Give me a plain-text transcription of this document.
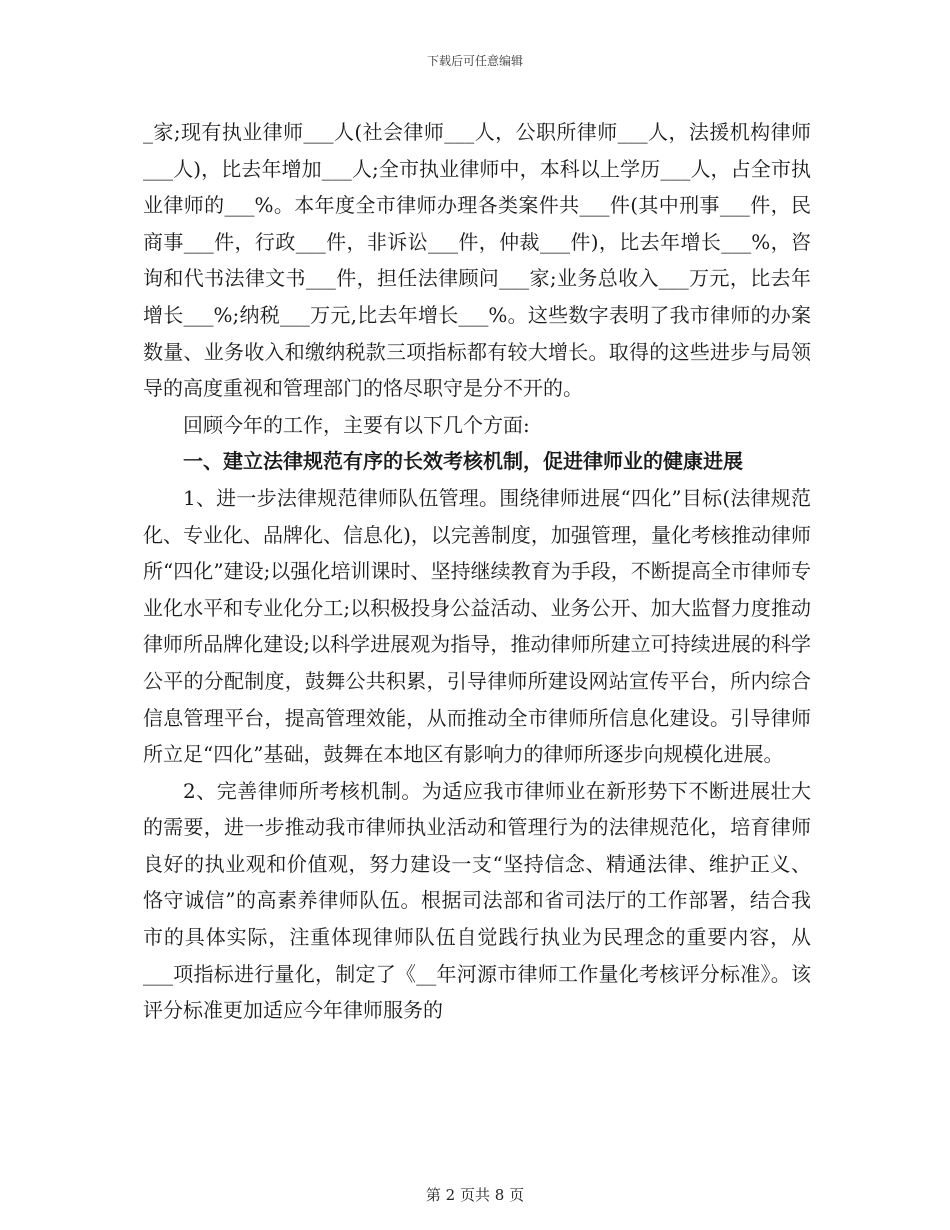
下载后可任意编辑

_家;现有执业律师___人(社会律师___人，公职所律师___人，法援机构律师___人)，比去年增加___人;全市执业律师中，本科以上学历___人，占全市执业律师的___%。本年度全市律师办理各类案件共___件(其中刑事___件，民商事___件，行政___件，非诉讼___件，仲裁___件)，比去年增长___%，咨询和代书法律文书___件，担任法律顾问___家;业务总收入___万元，比去年增长___%;纳税___万元,比去年增长___%。这些数字表明了我市律师的办案数量、业务收入和缴纳税款三项指标都有较大增长。取得的这些进步与局领导的高度重视和管理部门的恪尽职守是分不开的。

回顾今年的工作，主要有以下几个方面:

一、建立法律规范有序的长效考核机制，促进律师业的健康进展

1、进一步法律规范律师队伍管理。围绕律师进展“四化”目标(法律规范化、专业化、品牌化、信息化)，以完善制度，加强管理，量化考核推动律师所“四化”建设;以强化培训课时、坚持继续教育为手段，不断提高全市律师专业化水平和专业化分工;以积极投身公益活动、业务公开、加大监督力度推动律师所品牌化建设;以科学进展观为指导，推动律师所建立可持续进展的科学公平的分配制度，鼓舞公共积累，引导律师所建设网站宣传平台，所内综合信息管理平台，提高管理效能，从而推动全市律师所信息化建设。引导律师所立足“四化”基础，鼓舞在本地区有影响力的律师所逐步向规模化进展。

2、完善律师所考核机制。为适应我市律师业在新形势下不断进展壮大的需要，进一步推动我市律师执业活动和管理行为的法律规范化，培育律师良好的执业观和价值观，努力建设一支“坚持信念、精通法律、维护正义、恪守诚信”的高素养律师队伍。根据司法部和省司法厅的工作部署，结合我市的具体实际，注重体现律师队伍自觉践行执业为民理念的重要内容，从___项指标进行量化，制定了《__年河源市律师工作量化考核评分标准》。该评分标准更加适应今年律师服务的

第 2 页共 8 页
